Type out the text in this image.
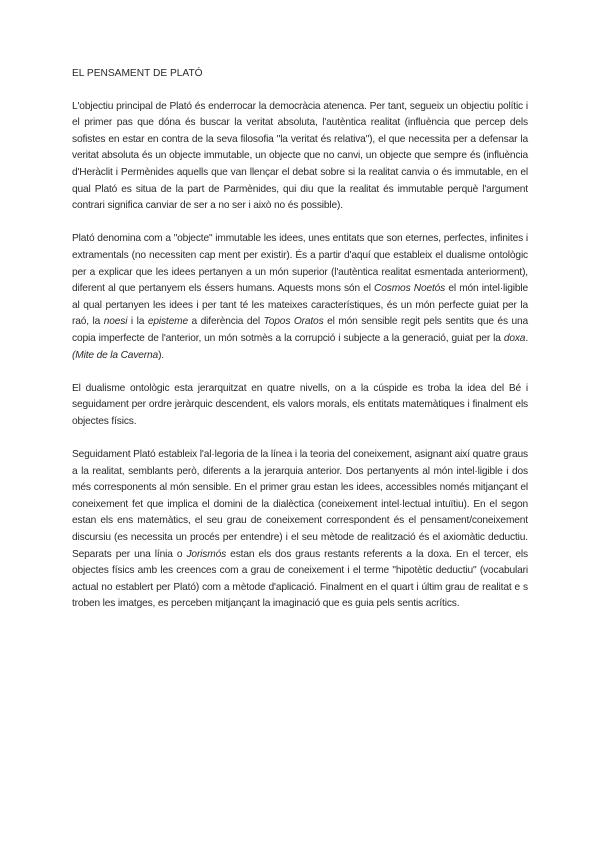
EL PENSAMENT DE PLATÓ

L'objectiu principal de Plató és enderrocar la democràcia atenenca. Per tant, segueix un objectiu polític i el primer pas que dóna és buscar la veritat absoluta, l'autèntica realitat (influència que percep dels sofistes en estar en contra de la seva filosofia "la veritat és relativa"), el que necessita per a defensar la veritat absoluta és un objecte immutable, un objecte que no canvi, un objecte que sempre és (influència d'Heràclit i Permènides aquells que van llençar el debat sobre si la realitat canvia o és immutable, en el qual Plató es situa de la part de Parmènides, qui diu que la realitat és immutable perquè l'argument contrari significa canviar de ser a no ser i això no és possible).

Plató denomina com a "objecte" immutable les idees, unes entitats que son eternes, perfectes, infinites i extramentals (no necessiten cap ment per existir). És a partir d'aquí que estableix el dualisme ontològic per a explicar que les idees pertanyen a un món superior (l'autèntica realitat esmentada anteriorment), diferent al que pertanyem els éssers humans. Aquests mons són el Cosmos Noetós el món intel·ligible al qual pertanyen les idees i per tant té les mateixes característiques, és un món perfecte guiat per la raó, la noesi i la episteme a diferència del Topos Oratos el món sensible regit pels sentits que és una copia imperfecte de l'anterior, un món sotmès a la corrupció i subjecte a la generació, guiat per la doxa. (Mite de la Caverna).

El dualisme ontològic esta jerarquitzat en quatre nivells, on a la cúspide es troba la idea del Bé i seguidament per ordre jeràrquic descendent, els valors morals, els entitats matemàtiques i finalment els objectes físics.

Seguidament Plató estableix l'al·legoria de la línea i la teoria del coneixement, asignant així quatre graus a la realitat, semblants però, diferents a la jerarquia anterior. Dos pertanyents al món intel·ligible i dos més corresponents al món sensible. En el primer grau estan les idees, accessibles només mitjançant el coneixement fet que implica el domini de la dialèctica (coneixement intel·lectual intuïtiu). En el segon estan els ens matemàtics, el seu grau de coneixement correspondent és el pensament/coneixement discursiu (es necessita un procés per entendre) i el seu mètode de realització és el axiomàtic deductiu. Separats per una línia o Jorismós estan els dos graus restants referents a la doxa. En el tercer, els objectes físics amb les creences com a grau de coneixement i el terme "hipotètic deductiu" (vocabulari actual no establert per Plató) com a mètode d'aplicació. Finalment en el quart i últim grau de realitat e s troben les imatges, es perceben mitjançant la imaginació que es guia pels sentis acrítics.
